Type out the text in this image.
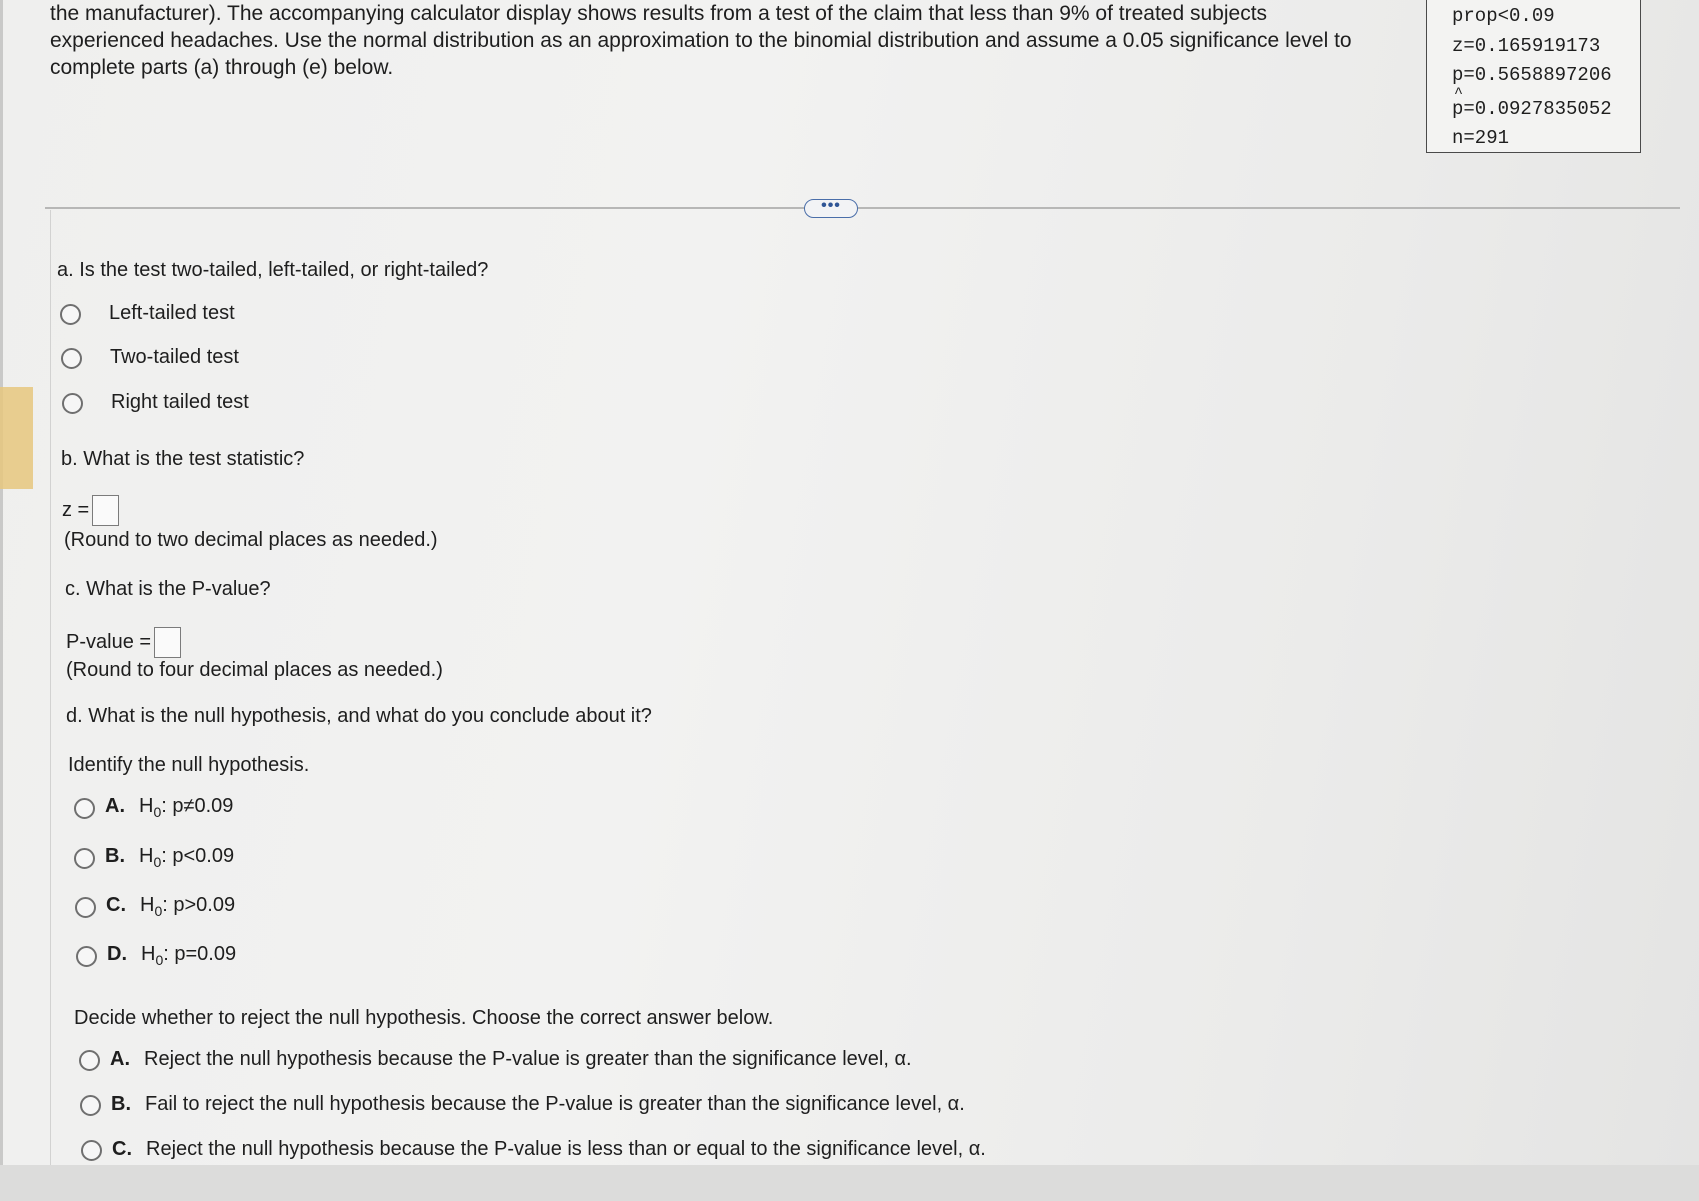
the manufacturer). The accompanying calculator display shows results from a test of the claim that less than 9% of treated subjects
experienced headaches. Use the normal distribution as an approximation to the binomial distribution and assume a 0.05 significance level to
complete parts (a) through (e) below.
prop<0.09
z=0.165919173
p=0.5658897206
^ p=0.0927835052
n=291
•••
a. Is the test two-tailed, left-tailed, or right-tailed?
Left-tailed test
Two-tailed test
Right tailed test
b. What is the test statistic?
z =
(Round to two decimal places as needed.)
c. What is the P-value?
P-value =
(Round to four decimal places as needed.)
d. What is the null hypothesis, and what do you conclude about it?
Identify the null hypothesis.
A. $H_0$: p≠0.09
B. $H_0$: p<0.09
C. $H_0$: p>0.09
D. $H_0$: p=0.09
Decide whether to reject the null hypothesis. Choose the correct answer below.
A. Reject the null hypothesis because the P-value is greater than the significance level, α.
B. Fail to reject the null hypothesis because the P-value is greater than the significance level, α.
C. Reject the null hypothesis because the P-value is less than or equal to the significance level, α.
